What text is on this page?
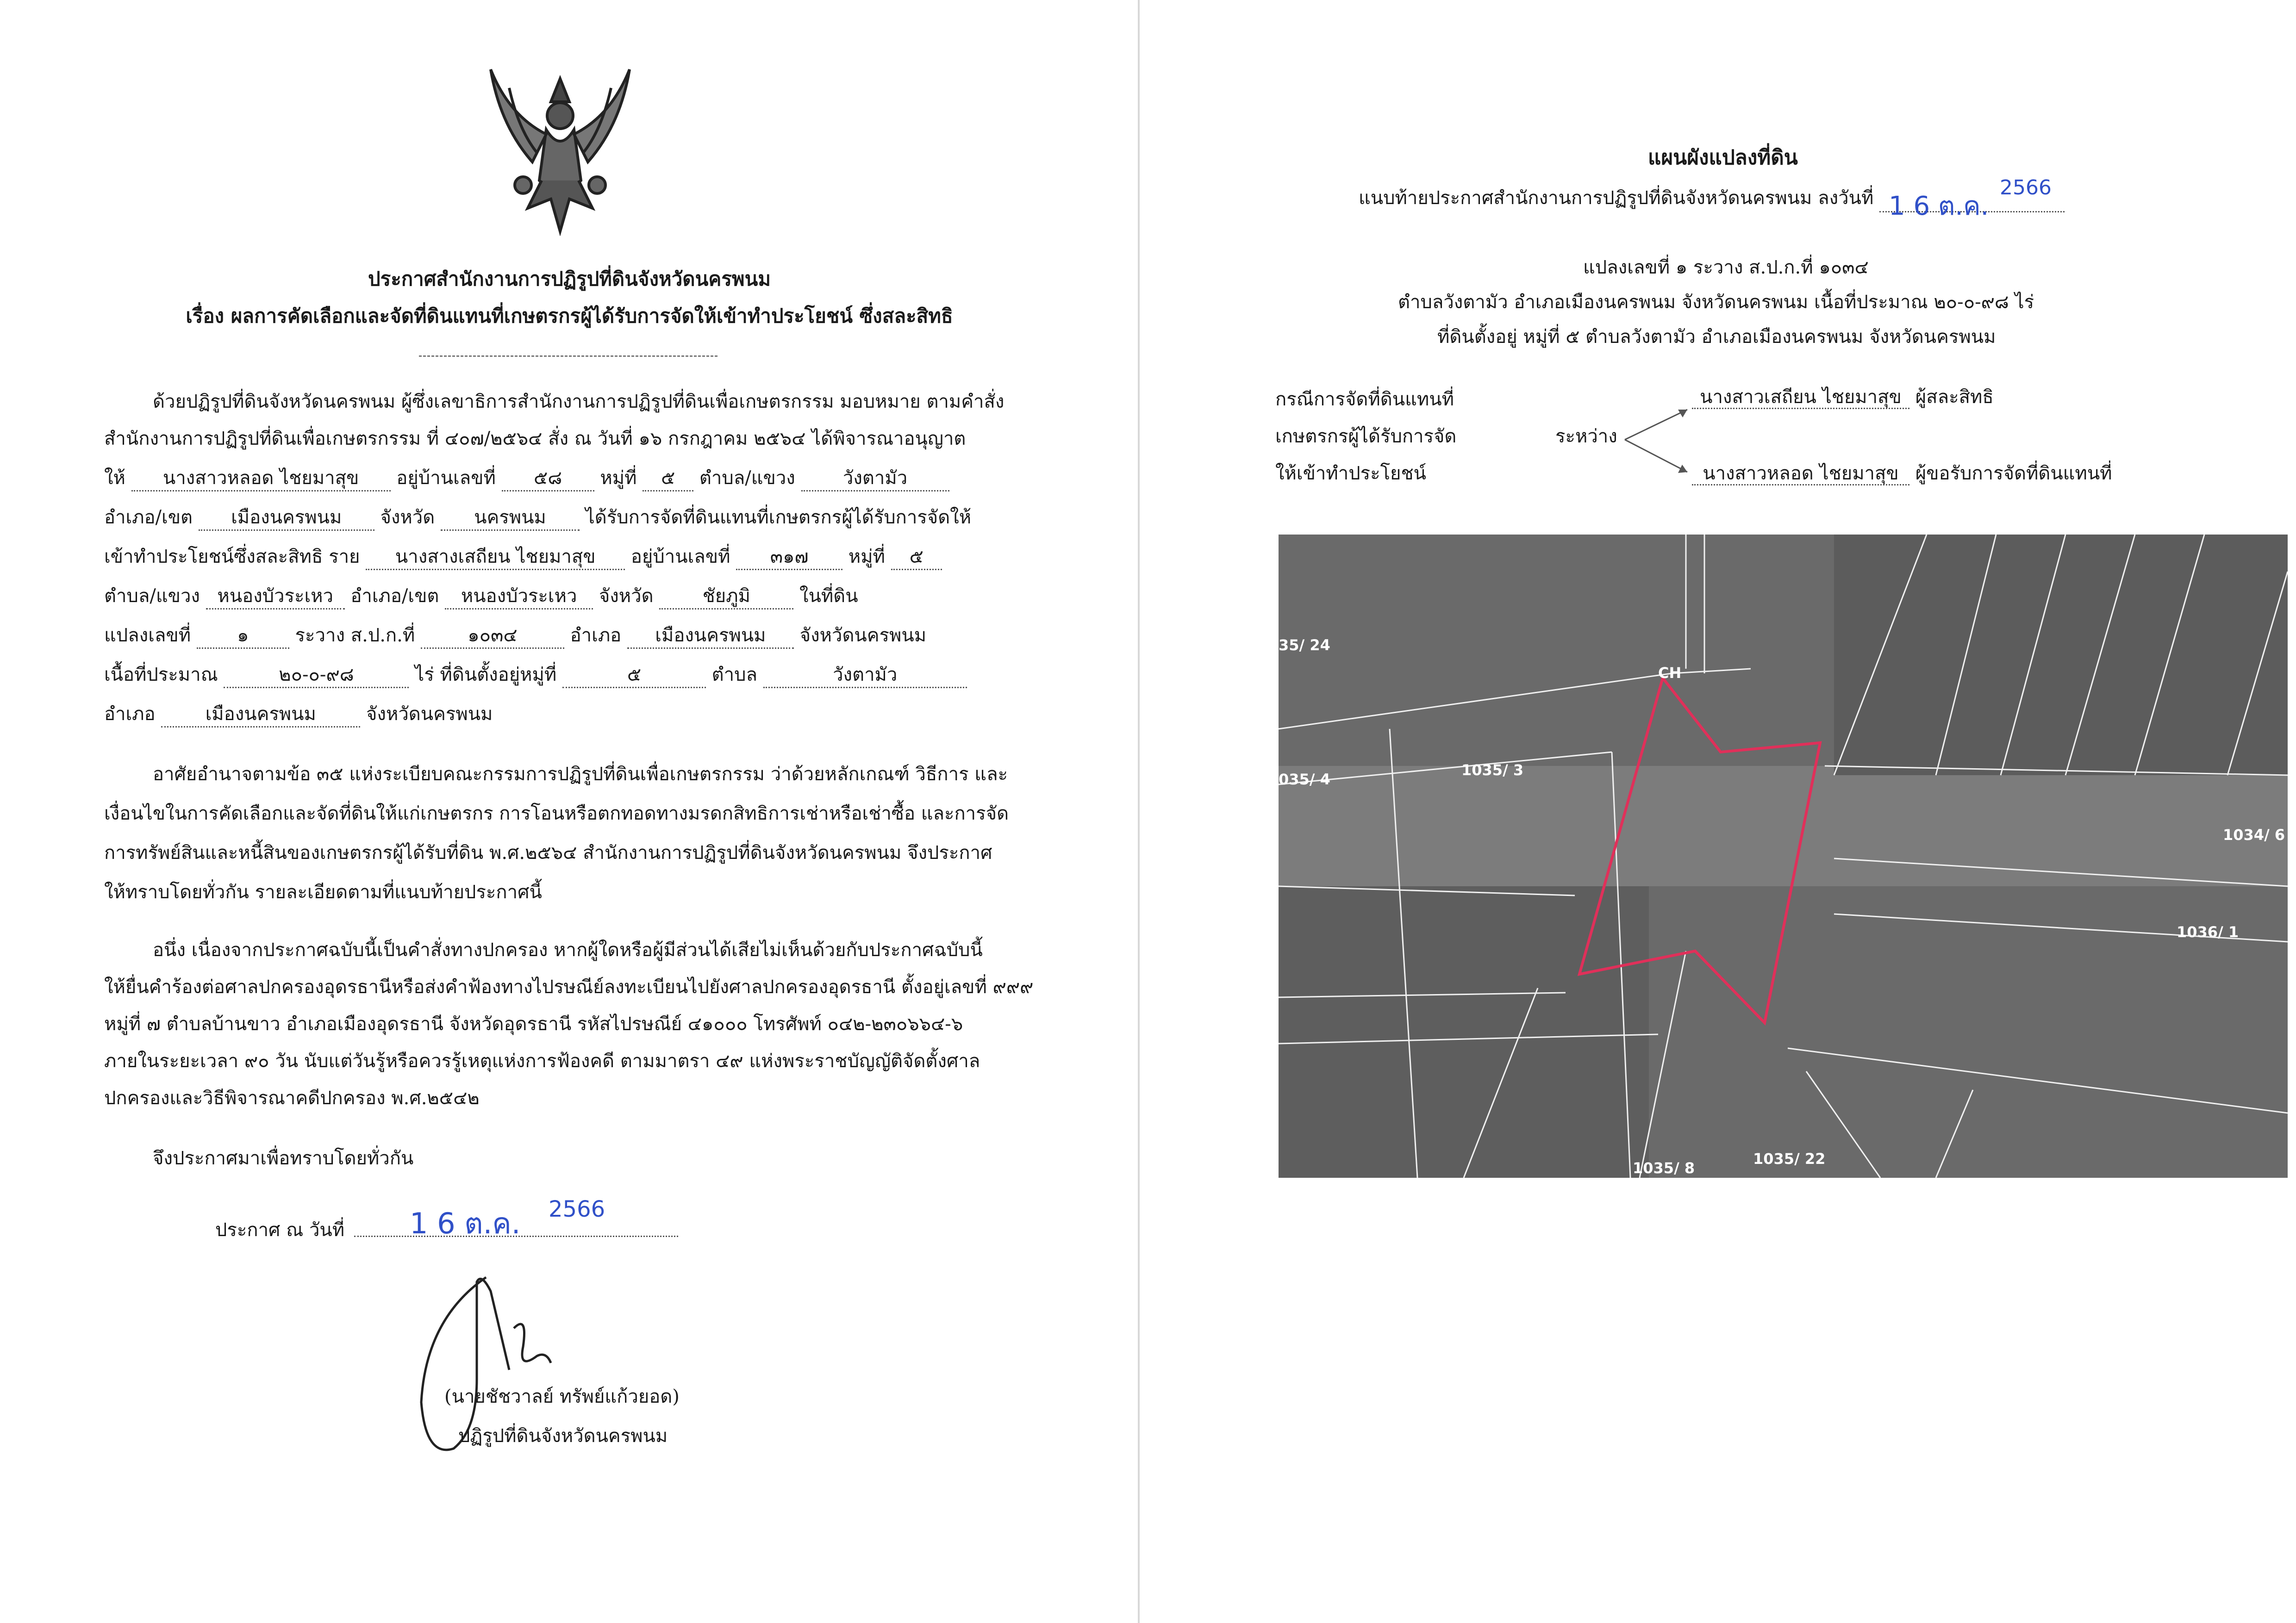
ประกาศสำนักงานการปฏิรูปที่ดินจังหวัดนครพนม
เรื่อง ผลการคัดเลือกและจัดที่ดินแทนที่เกษตรกรผู้ได้รับการจัดให้เข้าทำประโยชน์ ซึ่งสละสิทธิ
ด้วยปฏิรูปที่ดินจังหวัดนครพนม ผู้ซึ่งเลขาธิการสำนักงานการปฏิรูปที่ดินเพื่อเกษตรกรรม มอบหมาย ตามคำสั่ง
สำนักงานการปฏิรูปที่ดินเพื่อเกษตรกรรม ที่ ๔๐๗/๒๕๖๔ สั่ง ณ วันที่ ๑๖ กรกฎาคม ๒๕๖๔ ได้พิจารณาอนุญาต
ให้ นางสาวหลอด ไชยมาสุข อยู่บ้านเลขที่ ๕๘ หมู่ที่ ๕ ตำบล/แขวง	วังตามัว
อำเภอ/เขต เมืองนครพนม จังหวัด นครพนม ได้รับการจัดที่ดินแทนที่เกษตรกรผู้ได้รับการจัดให้
เข้าทำประโยชน์ซึ่งสละสิทธิ ราย นางสางเสถียน ไชยมาสุข อยู่บ้านเลขที่ ๓๑๗ หมู่ที่ ๕
ตำบล/แขวง หนองบัวระเหว อำเภอ/เขต หนองบัวระเหว จังหวัด	ชัยภูมิ	ในที่ดิน
แปลงเลขที่	๑	ระวาง ส.ป.ก.ที่	๑๐๓๔	อำเภอ เมืองนครพนม จังหวัดนครพนม
เนื้อที่ประมาณ	๒๐-๐-๙๘	ไร่ ที่ดินตั้งอยู่หมู่ที่	๕	ตำบล	วังตามัว
อำเภอ	เมืองนครพนม	จังหวัดนครพนม
อาศัยอำนาจตามข้อ ๓๕ แห่งระเบียบคณะกรรมการปฏิรูปที่ดินเพื่อเกษตรกรรม ว่าด้วยหลักเกณฑ์ วิธีการ และ
เงื่อนไขในการคัดเลือกและจัดที่ดินให้แก่เกษตรกร การโอนหรือตกทอดทางมรดกสิทธิการเช่าหรือเช่าซื้อ และการจัด
การทรัพย์สินและหนี้สินของเกษตรกรผู้ได้รับที่ดิน พ.ศ.๒๕๖๔ สำนักงานการปฏิรูปที่ดินจังหวัดนครพนม จึงประกาศ
ให้ทราบโดยทั่วกัน รายละเอียดตามที่แนบท้ายประกาศนี้
อนึ่ง เนื่องจากประกาศฉบับนี้เป็นคำสั่งทางปกครอง หากผู้ใดหรือผู้มีส่วนได้เสียไม่เห็นด้วยกับประกาศฉบับนี้
ให้ยื่นคำร้องต่อศาลปกครองอุดรธานีหรือส่งคำฟ้องทางไปรษณีย์ลงทะเบียนไปยังศาลปกครองอุดรธานี ตั้งอยู่เลขที่ ๙๙๙
หมู่ที่ ๗ ตำบลบ้านขาว อำเภอเมืองอุดรธานี จังหวัดอุดรธานี รหัสไปรษณีย์ ๔๑๐๐๐ โทรศัพท์ ๐๔๒-๒๓๐๖๖๔-๖
ภายในระยะเวลา ๙๐ วัน นับแต่วันรู้หรือควรรู้เหตุแห่งการฟ้องคดี ตามมาตรา ๔๙ แห่งพระราชบัญญัติจัดตั้งศาล
ปกครองและวิธีพิจารณาคดีปกครอง พ.ศ.๒๕๔๒
จึงประกาศมาเพื่อทราบโดยทั่วกัน
ประกาศ ณ วันที่ 1 6 ต.ค. 2566
(นายชัชวาลย์ ทรัพย์แก้วยอด)
ปฏิรูปที่ดินจังหวัดนครพนม
แผนผังแปลงที่ดิน
แนบท้ายประกาศสำนักงานการปฏิรูปที่ดินจังหวัดนครพนม ลงวันที่ 1 6 ต.ค.
2566
แปลงเลขที่ ๑ ระวาง ส.ป.ก.ที่ ๑๐๓๔
ตำบลวังตามัว อำเภอเมืองนครพนม จังหวัดนครพนม เนื้อที่ประมาณ ๒๐-๐-๙๘ ไร่
ที่ดินตั้งอยู่ หมู่ที่ ๕ ตำบลวังตามัว อำเภอเมืองนครพนม จังหวัดนครพนม
กรณีการจัดที่ดินแทนที่
เกษตรกรผู้ได้รับการจัด
ให้เข้าทำประโยชน์
ระหว่าง
นางสาวเสถียน ไชยมาสุข ผู้สละสิทธิ
นางสาวหลอด ไชยมาสุข ผู้ขอรับการจัดที่ดินแทนที่
35/ 24
035/ 4
1035/ 3
1034/ 6
1036/ 1
1035/ 8
1035/ 22
CH
